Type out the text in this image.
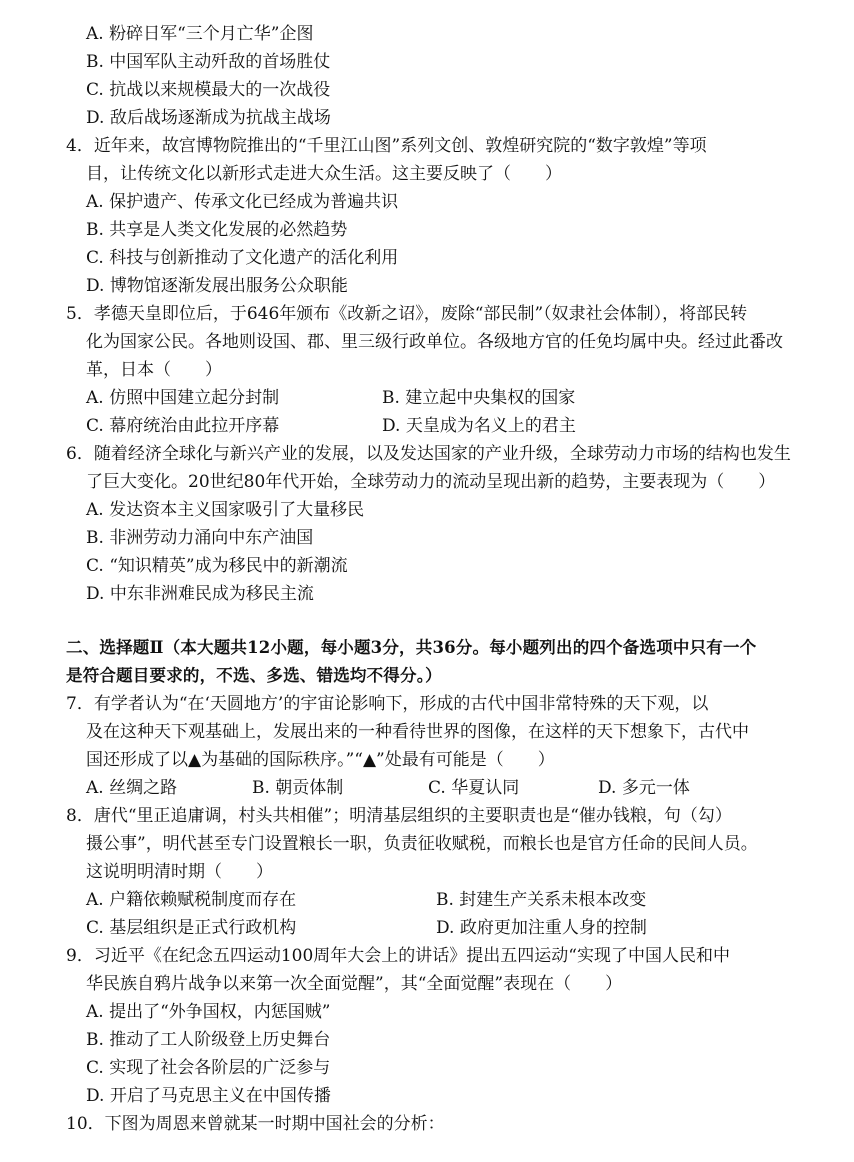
A. 粉碎日军“三个月亡华”企图
B. 中国军队主动歼敌的首场胜仗
C. 抗战以来规模最大的一次战役
D. 敌后战场逐渐成为抗战主战场
4．近年来，故宫博物院推出的“千里江山图”系列文创、敦煌研究院的“数字敦煌”等项
目，让传统文化以新形式走进大众生活。这主要反映了（　　）
A. 保护遗产、传承文化已经成为普遍共识
B. 共享是人类文化发展的必然趋势
C. 科技与创新推动了文化遗产的活化利用
D. 博物馆逐渐发展出服务公众职能
5．孝德天皇即位后，于646年颁布《改新之诏》，废除“部民制”（奴隶社会体制），将部民转
化为国家公民。各地则设国、郡、里三级行政单位。各级地方官的任免均属中央。经过此番改
革，日本（　　）
A. 仿照中国建立起分封制	B. 建立起中央集权的国家
C. 幕府统治由此拉开序幕	D. 天皇成为名义上的君主
6．随着经济全球化与新兴产业的发展，以及发达国家的产业升级，全球劳动力市场的结构也发生
了巨大变化。20世纪80年代开始，全球劳动力的流动呈现出新的趋势，主要表现为（　　）
A. 发达资本主义国家吸引了大量移民
B. 非洲劳动力涌向中东产油国
C. “知识精英”成为移民中的新潮流
D. 中东非洲难民成为移民主流
二、选择题Ⅱ（本大题共12小题，每小题3分，共36分。每小题列出的四个备选项中只有一个
是符合题目要求的，不选、多选、错选均不得分。）
7．有学者认为“在‘天圆地方’的宇宙论影响下，形成的古代中国非常特殊的天下观，以
及在这种天下观基础上，发展出来的一种看待世界的图像，在这样的天下想象下，古代中
国还形成了以▲为基础的国际秩序。”“▲”处最有可能是（　　）
A. 丝绸之路	B. 朝贡体制	C. 华夏认同	D. 多元一体
8．唐代“里正追庸调，村头共相催”；明清基层组织的主要职责也是“催办钱粮，句（勾）
摄公事”，明代甚至专门设置粮长一职，负责征收赋税，而粮长也是官方任命的民间人员。
这说明明清时期（　　）
A. 户籍依赖赋税制度而存在	B. 封建生产关系未根本改变
C. 基层组织是正式行政机构	D. 政府更加注重人身的控制
9．习近平《在纪念五四运动100周年大会上的讲话》提出五四运动“实现了中国人民和中
华民族自鸦片战争以来第一次全面觉醒”，其“全面觉醒”表现在（　　）
A. 提出了“外争国权，内惩国贼”
B. 推动了工人阶级登上历史舞台
C. 实现了社会各阶层的广泛参与
D. 开启了马克思主义在中国传播
10．下图为周恩来曾就某一时期中国社会的分析：
